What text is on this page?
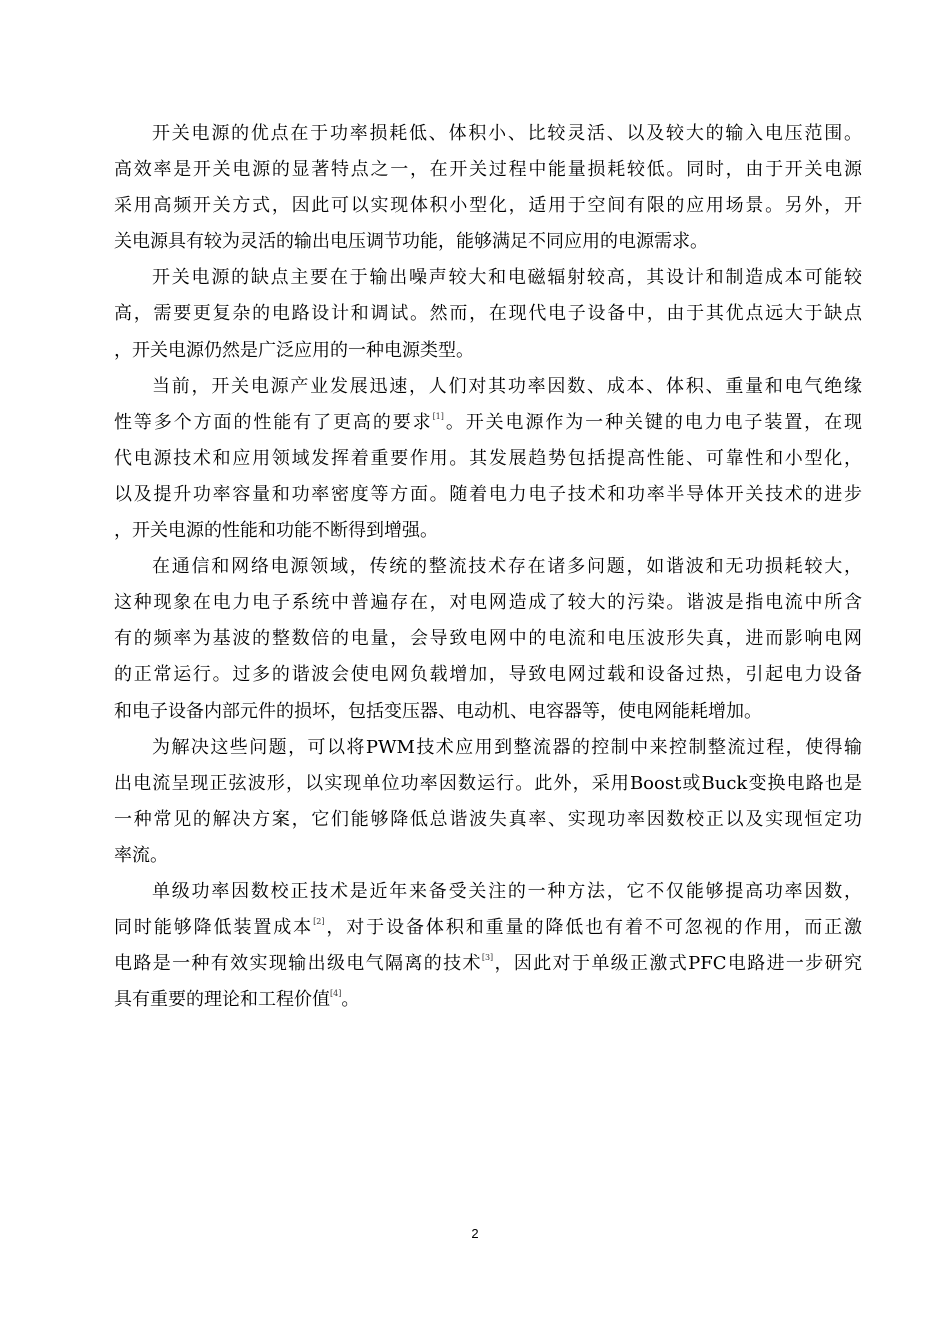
开关电源的优点在于功率损耗低、体积小、比较灵活、以及较大的输入电压范围。
高效率是开关电源的显著特点之一，在开关过程中能量损耗较低。同时，由于开关电源
采用高频开关方式，因此可以实现体积小型化，适用于空间有限的应用场景。另外，开
关电源具有较为灵活的输出电压调节功能，能够满足不同应用的电源需求。
开关电源的缺点主要在于输出噪声较大和电磁辐射较高，其设计和制造成本可能较
高，需要更复杂的电路设计和调试。然而，在现代电子设备中，由于其优点远大于缺点
，开关电源仍然是广泛应用的一种电源类型。
当前，开关电源产业发展迅速，人们对其功率因数、成本、体积、重量和电气绝缘
性等多个方面的性能有了更高的要求[1]。开关电源作为一种关键的电力电子装置，在现
代电源技术和应用领域发挥着重要作用。其发展趋势包括提高性能、可靠性和小型化，
以及提升功率容量和功率密度等方面。随着电力电子技术和功率半导体开关技术的进步
，开关电源的性能和功能不断得到增强。
在通信和网络电源领域，传统的整流技术存在诸多问题，如谐波和无功损耗较大，
这种现象在电力电子系统中普遍存在，对电网造成了较大的污染。谐波是指电流中所含
有的频率为基波的整数倍的电量，会导致电网中的电流和电压波形失真，进而影响电网
的正常运行。过多的谐波会使电网负载增加，导致电网过载和设备过热，引起电力设备
和电子设备内部元件的损坏，包括变压器、电动机、电容器等，使电网能耗增加。
为解决这些问题，可以将PWM技术应用到整流器的控制中来控制整流过程，使得输
出电流呈现正弦波形，以实现单位功率因数运行。此外，采用Boost或Buck变换电路也是
一种常见的解决方案，它们能够降低总谐波失真率、实现功率因数校正以及实现恒定功
率流。
单级功率因数校正技术是近年来备受关注的一种方法，它不仅能够提高功率因数，
同时能够降低装置成本[2]，对于设备体积和重量的降低也有着不可忽视的作用，而正激
电路是一种有效实现输出级电气隔离的技术[3]，因此对于单级正激式PFC电路进一步研究
具有重要的理论和工程价值[4]。
2
